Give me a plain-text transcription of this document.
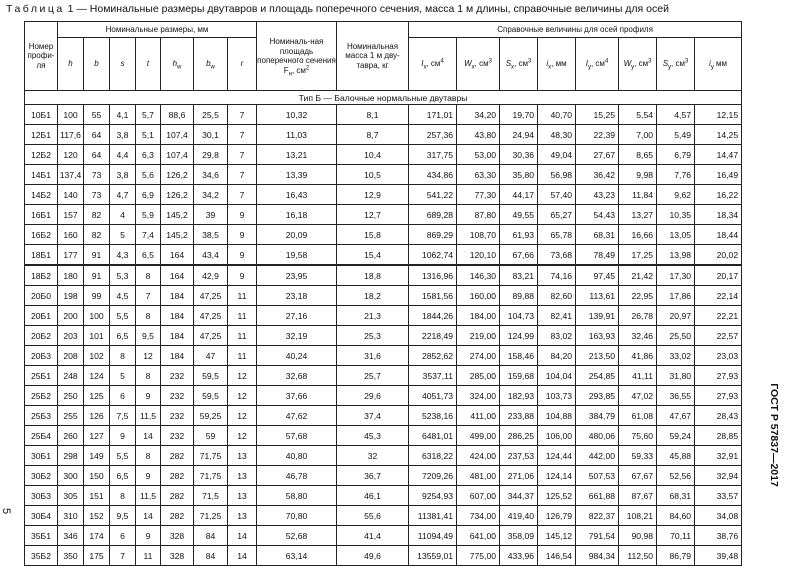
Таблица 1 — Номинальные размеры двутавров и площадь поперечного сечения, масса 1 м длины, справочные величины для осей
Номер профи-ля	Номинальные размеры, мм							Номиналь-ная площадь поперечного сечения $F_н$, $см^2$	Номинальная масса 1 м дву-тавра, кг	Справочные величины для осей профиля							
	h	b	s	t	$h_w$	$b_w$	r			$I_x$, $см^4$	$W_x$, $см^3$	$S_x$, $см^3$	$i_x$, мм	$I_y$, $см^4$	$W_y$, $см^3$	$S_y$, $см^3$	$i_y$ мм
Тип Б — Балочные нормальные двутавры																	
10Б1	100	55	4,1	5,7	88,6	25,5	7	10,32	8,1	171,01	34,20	19,70	40,70	15,25	5,54	4,57	12,15
12Б1	117,6	64	3,8	5,1	107,4	30,1	7	11,03	8,7	257,36	43,80	24,94	48,30	22,39	7,00	5,49	14,25
12Б2	120	64	4,4	6,3	107,4	29,8	7	13,21	10,4	317,75	53,00	30,36	49,04	27,67	8,65	6,79	14,47
14Б1	137,4	73	3,8	5,6	126,2	34,6	7	13,39	10,5	434,86	63,30	35,80	56,98	36,42	9,98	7,76	16,49
14Б2	140	73	4,7	6,9	126,2	34,2	7	16,43	12,9	541,22	77,30	44,17	57,40	43,23	11,84	9,62	16,22
16Б1	157	82	4	5,9	145,2	39	9	16,18	12,7	689,28	87,80	49,55	65,27	54,43	13,27	10,35	18,34
16Б2	160	82	5	7,4	145,2	38,5	9	20,09	15,8	869,29	108,70	61,93	65,78	68,31	16,66	13,05	18,44
18Б1	177	91	4,3	6,5	164	43,4	9	19,58	15,4	1062,74	120,10	67,66	73,68	78,49	17,25	13,98	20,02
18Б2	180	91	5,3	8	164	42,9	9	23,95	18,8	1316,96	146,30	83,21	74,16	97,45	21,42	17,30	20,17
20Б0	198	99	4,5	7	184	47,25	11	23,18	18,2	1581,56	160,00	89,88	82,60	113,61	22,95	17,86	22,14
20Б1	200	100	5,5	8	184	47,25	11	27,16	21,3	1844,26	184,00	104,73	82,41	139,91	26,78	20,97	22,21
20Б2	203	101	6,5	9,5	184	47,25	11	32,19	25,3	2218,49	219,00	124,99	83,02	163,93	32,46	25,50	22,57
20Б3	208	102	8	12	184	47	11	40,24	31,6	2852,62	274,00	158,46	84,20	213,50	41,86	33,02	23,03
25Б1	248	124	5	8	232	59,5	12	32,68	25,7	3537,11	285,00	159,68	104,04	254,85	41,11	31,80	27,93
25Б2	250	125	6	9	232	59,5	12	37,66	29,6	4051,73	324,00	182,93	103,73	293,85	47,02	36,55	27,93
25Б3	255	126	7,5	11,5	232	59,25	12	47,62	37,4	5238,16	411,00	233,88	104,88	384,79	61,08	47,67	28,43
25Б4	260	127	9	14	232	59	12	57,68	45,3	6481,01	499,00	286,25	106,00	480,06	75,60	59,24	28,85
30Б1	298	149	5,5	8	282	71,75	13	40,80	32	6318,22	424,00	237,53	124,44	442,00	59,33	45,88	32,91
30Б2	300	150	6,5	9	282	71,75	13	46,78	36,7	7209,26	481,00	271,06	124,14	507,53	67,67	52,56	32,94
30Б3	305	151	8	11,5	282	71,5	13	58,80	46,1	9254,93	607,00	344,37	125,52	661,88	87,67	68,31	33,57
30Б4	310	152	9,5	14	282	71,25	13	70,80	55,6	11381,41	734,00	419,40	126,79	822,37	108,21	84,60	34,08
35Б1	346	174	6	9	328	84	14	52,68	41,4	11094,49	641,00	358,09	145,12	791,54	90,98	70,11	38,76
35Б2	350	175	7	11	328	84	14	63,14	49,6	13559,01	775,00	433,96	146,54	984,34	112,50	86,79	39,48
ГОСТ Р 57837—2017
5
